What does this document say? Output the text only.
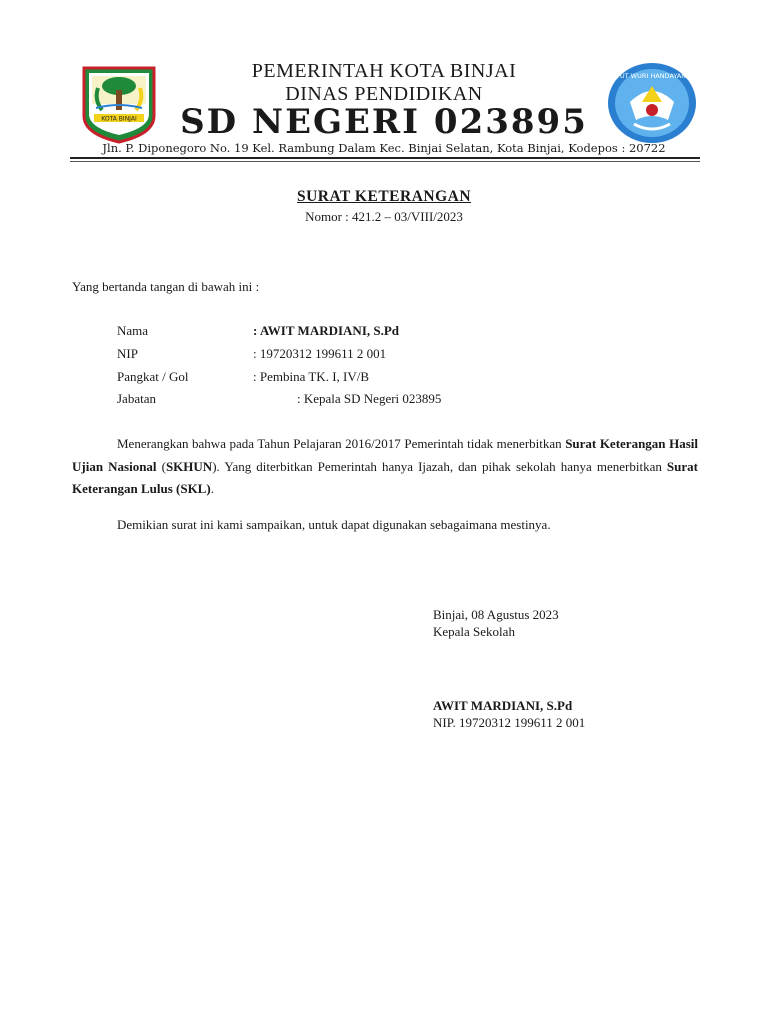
KOTA BINJAI
TUT WURI HANDAYANI
PEMERINTAH KOTA BINJAI
DINAS PENDIDIKAN
SD NEGERI 023895
Jln. P. Diponegoro No. 19 Kel. Rambung Dalam Kec. Binjai Selatan, Kota Binjai, Kodepos : 20722
SURAT KETERANGAN
Nomor : 421.2 – 03/VIII/2023
Yang bertanda tangan di bawah ini :
Nama	: AWIT MARDIANI, S.Pd
NIP	: 19720312 199611 2 001
Pangkat / Gol	: Pembina TK. I, IV/B
Jabatan	: Kepala SD Negeri 023895
Menerangkan bahwa pada Tahun Pelajaran 2016/2017 Pemerintah tidak menerbitkan Surat Keterangan Hasil Ujian Nasional (SKHUN). Yang diterbitkan Pemerintah hanya Ijazah, dan pihak sekolah hanya menerbitkan Surat Keterangan Lulus (SKL).
Demikian surat ini kami sampaikan, untuk dapat digunakan sebagaimana mestinya.
Binjai, 08 Agustus 2023
Kepala Sekolah
AWIT MARDIANI, S.Pd
NIP. 19720312 199611 2 001
